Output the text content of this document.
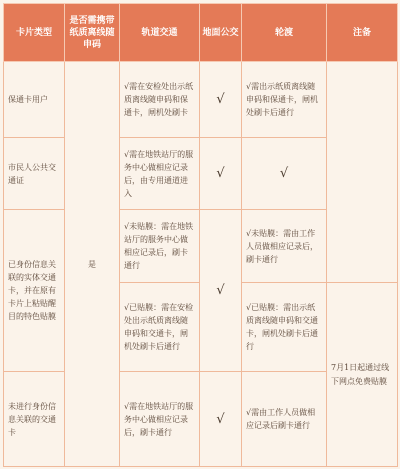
卡片类型	是否需携带纸质离线随申码	轨道交通	地面公交	轮渡	注备
保通卡用户	是	√需在安检处出示纸质离线随申码和保通卡，闸机处刷卡	√	√需出示纸质离线随申码和保通卡，闸机处刷卡后通行	
市民人公共交通证		√需在地铁站厅的服务中心做相应记录后，由专用通道进入	√	√	
已身份信息关联的实体交通卡，并在原有卡片上粘贴醒目的特色贴膜		√未贴膜：需在地铁站厅的服务中心做相应记录后，刷卡通行	√	√未贴膜：需由工作人员做相应记录后，刷卡通行	
		√已贴膜：需在安检处出示纸质离线随申码和交通卡，闸机处刷卡后通行		√已贴膜：需出示纸质离线随申码和交通卡，闸机处刷卡后通行	7月1日起通过线下网点免费贴膜
未进行身份信息关联的交通卡		√需在地铁站厅的服务中心做相应记录后，刷卡通行	√	√需由工作人员做相应记录后刷卡通行	
